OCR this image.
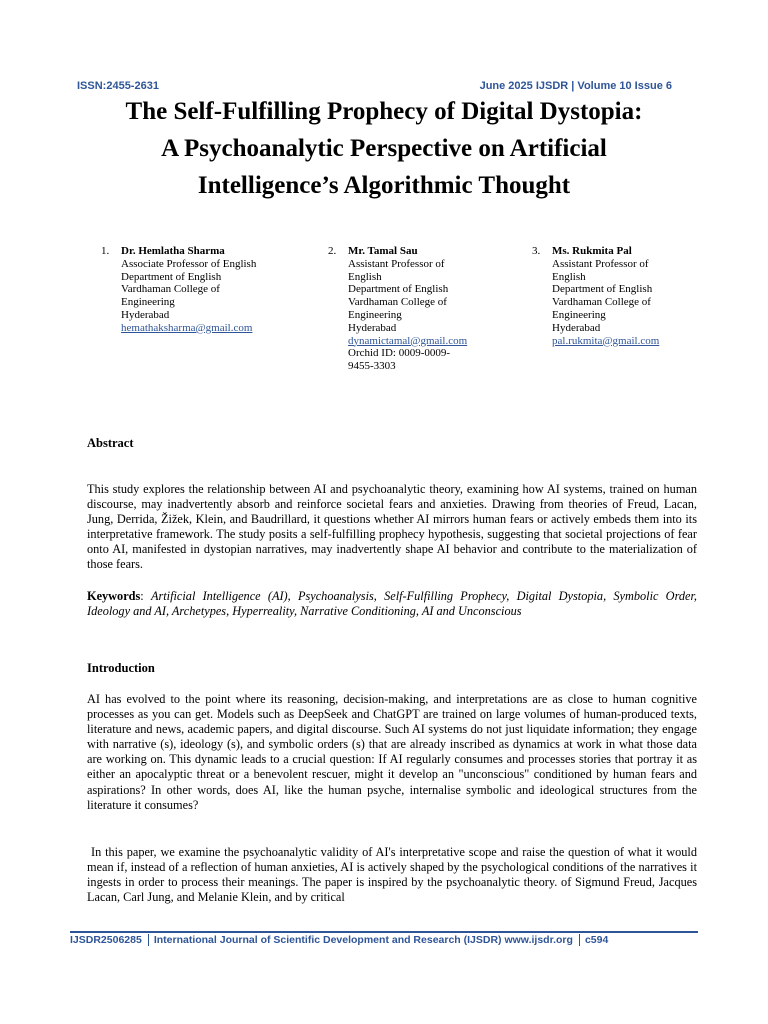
ISSN:2455-2631	June 2025 IJSDR | Volume 10 Issue 6
The Self-Fulfilling Prophecy of Digital Dystopia:
A Psychoanalytic Perspective on Artificial
Intelligence’s Algorithmic Thought
1. Dr. Hemlatha Sharma
Associate Professor of English
Department of English
Vardhaman College of
Engineering
Hyderabad
hemathaksharma@gmail.com
2. Mr. Tamal Sau
Assistant Professor of
English
Department of English
Vardhaman College of
Engineering
Hyderabad
dynamictamal@gmail.com
Orchid ID: 0009-0009-
9455-3303
3. Ms. Rukmita Pal
Assistant Professor of
English
Department of English
Vardhaman College of
Engineering
Hyderabad
pal.rukmita@gmail.com
Abstract
This study explores the relationship between AI and psychoanalytic theory, examining how AI systems, trained on human discourse, may inadvertently absorb and reinforce societal fears and anxieties. Drawing from theories of Freud, Lacan, Jung, Derrida, Žižek, Klein, and Baudrillard, it questions whether AI mirrors human fears or actively embeds them into its interpretative framework. The study posits a self-fulfilling prophecy hypothesis, suggesting that societal projections of fear onto AI, manifested in dystopian narratives, may inadvertently shape AI behavior and contribute to the materialization of those fears.
Keywords: Artificial Intelligence (AI), Psychoanalysis, Self-Fulfilling Prophecy, Digital Dystopia, Symbolic Order, Ideology and AI, Archetypes, Hyperreality, Narrative Conditioning, AI and Unconscious
Introduction
AI has evolved to the point where its reasoning, decision-making, and interpretations are as close to human cognitive processes as you can get. Models such as DeepSeek and ChatGPT are trained on large volumes of human-produced texts, literature and news, academic papers, and digital discourse. Such AI systems do not just liquidate information; they engage with narrative (s), ideology (s), and symbolic orders (s) that are already inscribed as dynamics at work in what those data are working on. This dynamic leads to a crucial question: If AI regularly consumes and processes stories that portray it as either an apocalyptic threat or a benevolent rescuer, might it develop an "unconscious" conditioned by human fears and aspirations? In other words, does AI, like the human psyche, internalise symbolic and ideological structures from the literature it consumes?
In this paper, we examine the psychoanalytic validity of AI's interpretative scope and raise the question of what it would mean if, instead of a reflection of human anxieties, AI is actively shaped by the psychological conditions of the narratives it ingests in order to process their meanings. The paper is inspired by the psychoanalytic theory. of Sigmund Freud, Jacques Lacan, Carl Jung, and Melanie Klein, and by critical
IJSDR2506285 International Journal of Scientific Development and Research (IJSDR) www.ijsdr.org c594
